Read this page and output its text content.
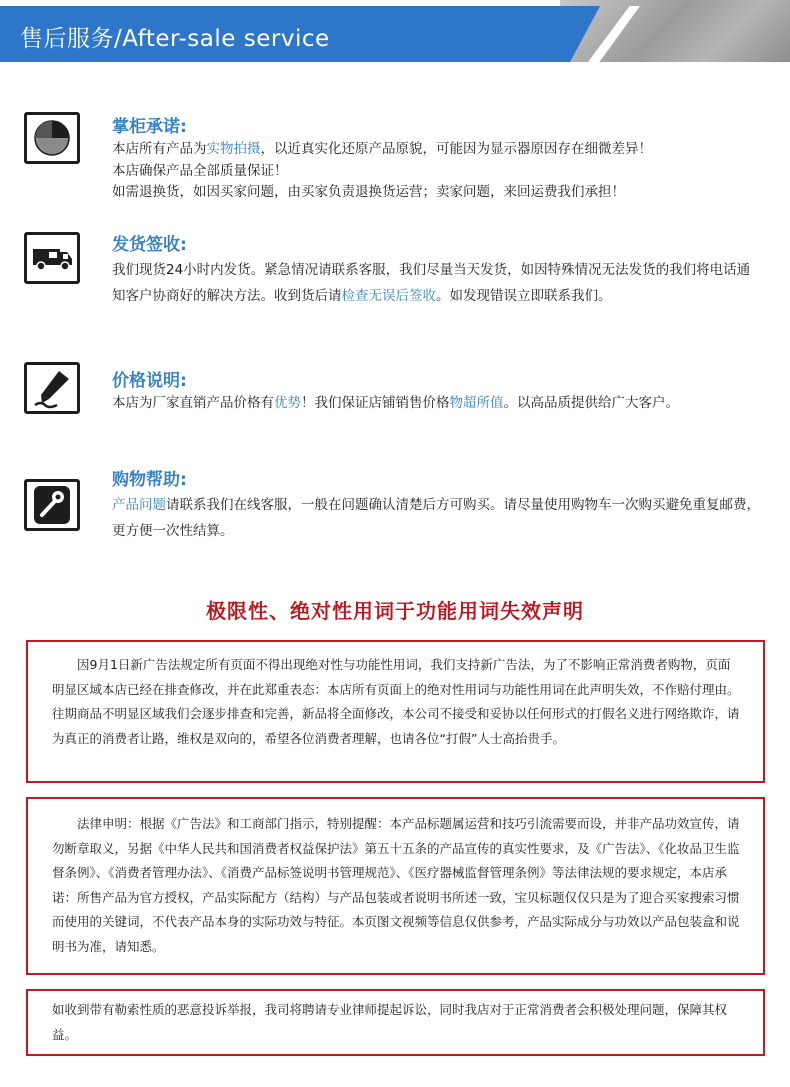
售后服务/After-sale service
掌柜承诺:
本店所有产品为实物拍摄，以近真实化还原产品原貌，可能因为显示器原因存在细微差异！
本店确保产品全部质量保证！
如需退换货，如因买家问题，由买家负责退换货运营；卖家问题，来回运费我们承担！
发货签收:
我们现货24小时内发货。紧急情况请联系客服，我们尽量当天发货，如因特殊情况无法发货的我们将电话通知客户协商好的解决方法。收到货后请检查无误后签收。如发现错误立即联系我们。
价格说明:
本店为厂家直销产品价格有优势！我们保证店铺销售价格物超所值。以高品质提供给广大客户。
购物帮助:
产品问题请联系我们在线客服，一般在问题确认清楚后方可购买。请尽量使用购物车一次购买避免重复邮费，更方便一次性结算。
极限性、绝对性用词于功能用词失效声明

因9月1日新广告法规定所有页面不得出现绝对性与功能性用词，我们支持新广告法，为了不影响正常消费者购物，页面明显区域本店已经在排查修改，并在此郑重表态：本店所有页面上的绝对性用词与功能性用词在此声明失效，不作赔付理由。往期商品不明显区域我们会逐步排查和完善，新品将全面修改，本公司不接受和妥协以任何形式的打假名义进行网络欺诈，请为真正的消费者让路，维权是双向的，希望各位消费者理解，也请各位“打假”人士高抬贵手。

法律申明：根据《广告法》和工商部门指示，特别提醒：本产品标题属运营和技巧引流需要而设，并非产品功效宣传，请勿断章取义，另据《中华人民共和国消费者权益保护法》第五十五条的产品宣传的真实性要求，及《广告法》、《化妆品卫生监督条例》、《消费者管理办法》、《消费产品标签说明书管理规范》、《医疗器械监督管理条例》等法律法规的要求规定，本店承诺：所售产品为官方授权，产品实际配方（结构）与产品包装或者说明书所述一致，宝贝标题仅仅只是为了迎合买家搜索习惯而使用的关键词，不代表产品本身的实际功效与特征。本页图文视频等信息仅供参考，产品实际成分与功效以产品包装盒和说明书为准，请知悉。

如收到带有勒索性质的恶意投诉举报，我司将聘请专业律师提起诉讼，同时我店对于正常消费者会积极处理问题，保障其权益。
